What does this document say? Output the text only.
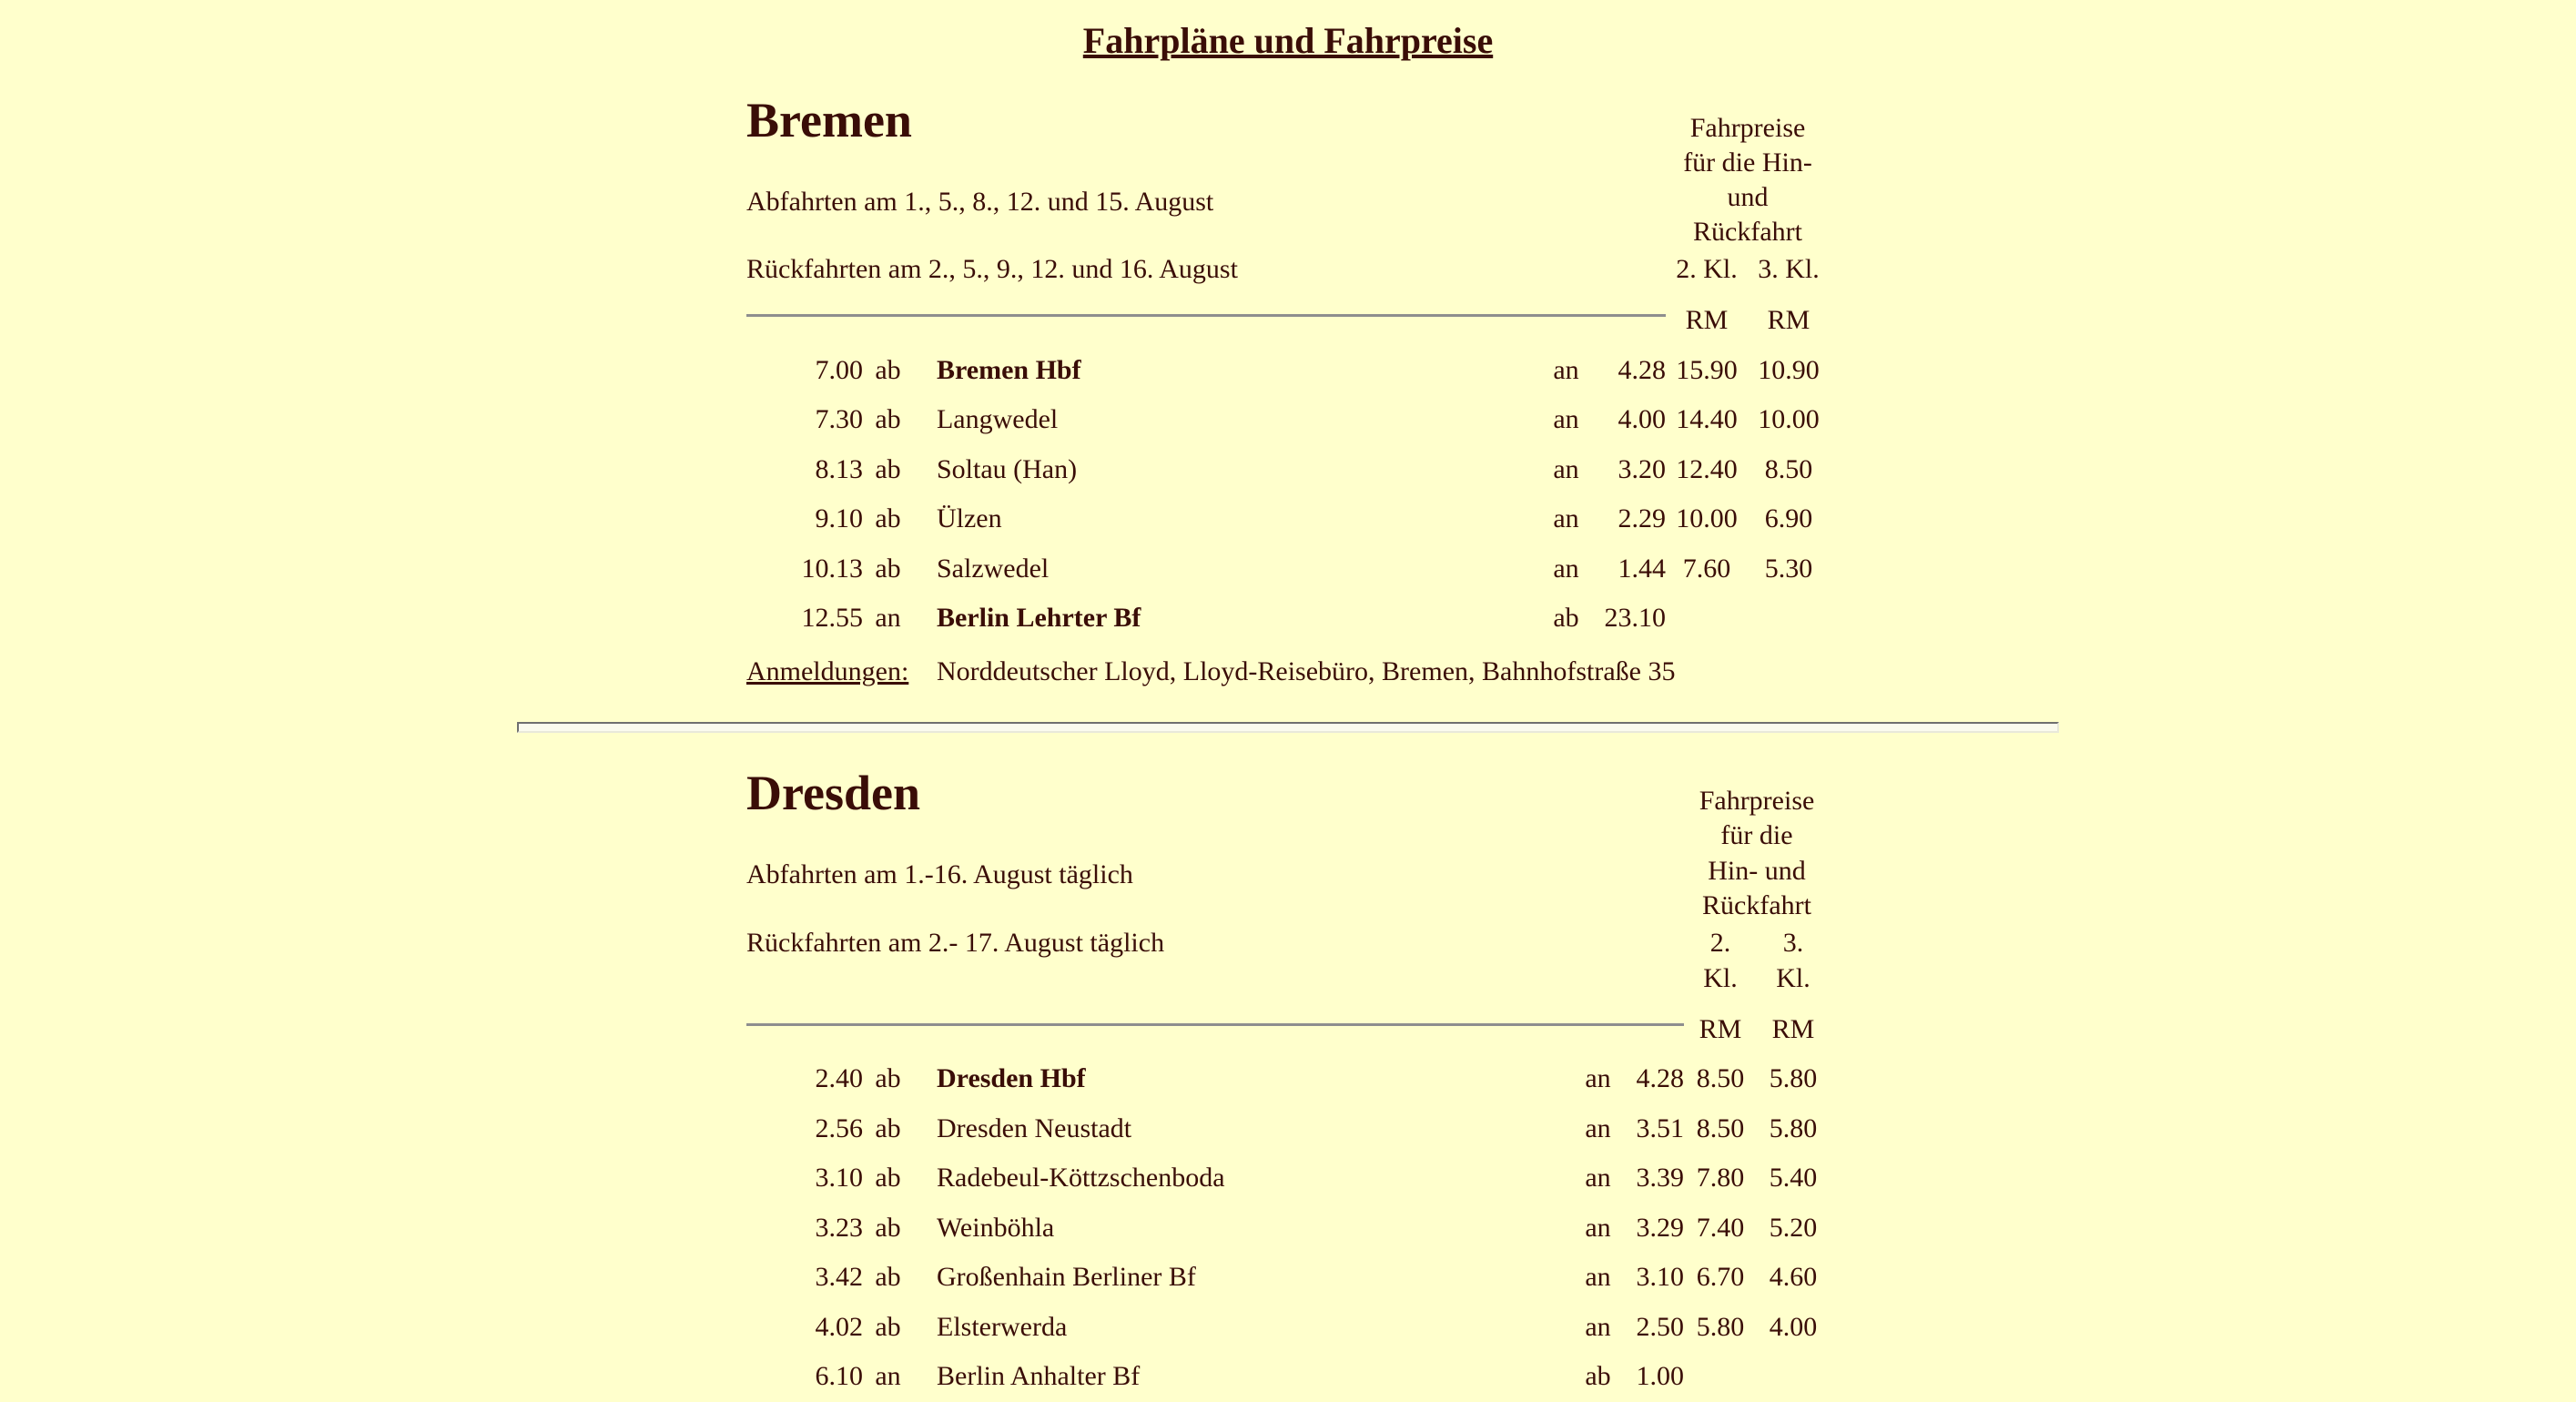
Fahrpläne und Fahrpreise
Bremen					Fahrpreise
für die Hin-
und
Rückfahrt	

Abfahrten am 1., 5., 8., 12. und 15. August						
Rückfahrten am 2., 5., 9., 12. und 16. August					2. Kl.	3. Kl.

					RM	RM
7.00	ab	Bremen Hbf	an	4.28	15.90	10.90
7.30	ab	Langwedel	an	4.00	14.40	10.00
8.13	ab	Soltau (Han)	an	3.20	12.40	8.50
9.10	ab	Ülzen	an	2.29	10.00	6.90
10.13	ab	Salzwedel	an	1.44	7.60	5.30
12.55	an	Berlin Lehrter Bf	ab	23.10		
Anmeldungen:		Norddeutscher Lloyd, Lloyd-Reisebüro, Bremen, Bahnhofstraße 35				
Dresden					Fahrpreise
für die
Hin- und
Rückfahrt	

Abfahrten am 1.-16. August täglich						
Rückfahrten am 2.- 17. August täglich	2.
Kl.

3.
Kl.

					RM	RM
2.40	ab	Dresden Hbf	an	4.28	8.50	5.80
2.56	ab	Dresden Neustadt	an	3.51	8.50	5.80
3.10	ab	Radebeul-Köttzschenboda	an	3.39	7.80	5.40
3.23	ab	Weinböhla	an	3.29	7.40	5.20
3.42	ab	Großenhain Berliner Bf	an	3.10	6.70	4.60
4.02	ab	Elsterwerda	an	2.50	5.80	4.00
6.10	an	Berlin Anhalter Bf	ab	1.00		
